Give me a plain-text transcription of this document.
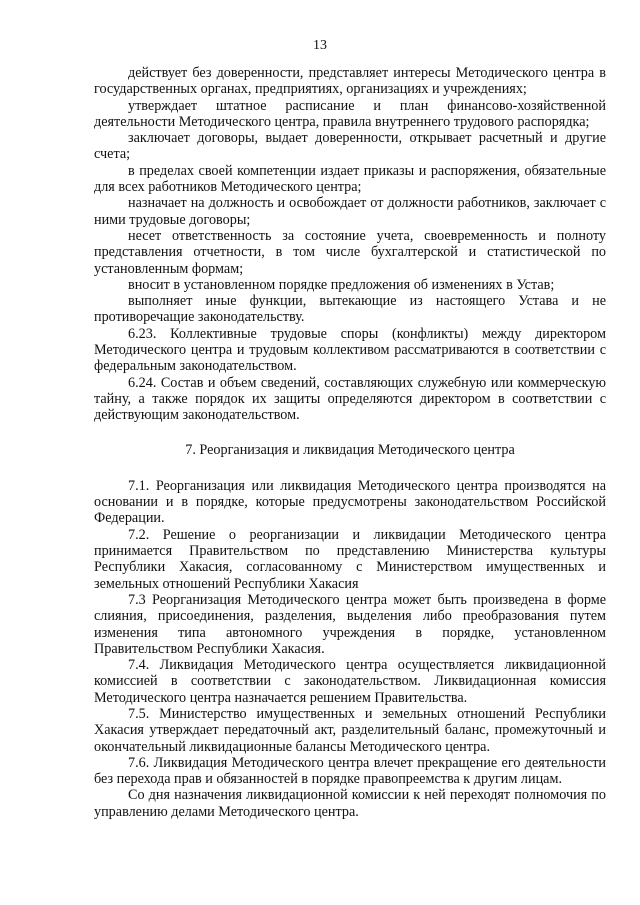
13

действует без доверенности, представляет интересы Методического центра в государственных органах, предприятиях, организациях и учреждениях;

утверждает штатное расписание и план финансово-хозяйственной деятельности Методического центра, правила внутреннего трудового распорядка;

заключает договоры, выдает доверенности, открывает расчетный и другие счета;

в пределах своей компетенции издает приказы и распоряжения, обязательные для всех работников Методического центра;

назначает на должность и освобождает от должности работников, заключает с ними трудовые договоры;

несет ответственность за состояние учета, своевременность и полноту представления отчетности, в том числе бухгалтерской и статистической по установленным формам;

вносит в установленном порядке предложения об изменениях в Устав;

выполняет иные функции, вытекающие из настоящего Устава и не противоречащие законодательству.

6.23. Коллективные трудовые споры (конфликты) между директором Методического центра и трудовым коллективом рассматриваются в соответствии с федеральным законодательством.

6.24. Состав и объем сведений, составляющих служебную или коммерческую тайну, а также порядок их защиты определяются директором в соответствии с действующим законодательством.

7. Реорганизация и ликвидация Методического центра

7.1. Реорганизация или ликвидация Методического центра производятся на основании и в порядке, которые предусмотрены законодательством Российской Федерации.

7.2. Решение о реорганизации и ликвидации Методического центра принимается Правительством по представлению Министерства культуры Республики Хакасия, согласованному с Министерством имущественных и земельных отношений Республики Хакасия

7.3 Реорганизация Методического центра может быть произведена в форме слияния, присоединения, разделения, выделения либо преобразования путем изменения типа автономного учреждения в порядке, установленном Правительством Республики Хакасия.

7.4. Ликвидация Методического центра осуществляется ликвидационной комиссией в соответствии с законодательством. Ликвидационная комиссия Методического центра назначается решением Правительства.

7.5. Министерство имущественных и земельных отношений Республики Хакасия утверждает передаточный акт, разделительный баланс, промежуточный и окончательный ликвидационные балансы Методического центра.

7.6. Ликвидация Методического центра влечет прекращение его деятельности без перехода прав и обязанностей в порядке правопреемства к другим лицам.

Со дня назначения ликвидационной комиссии к ней переходят полномочия по управлению делами Методического центра.
